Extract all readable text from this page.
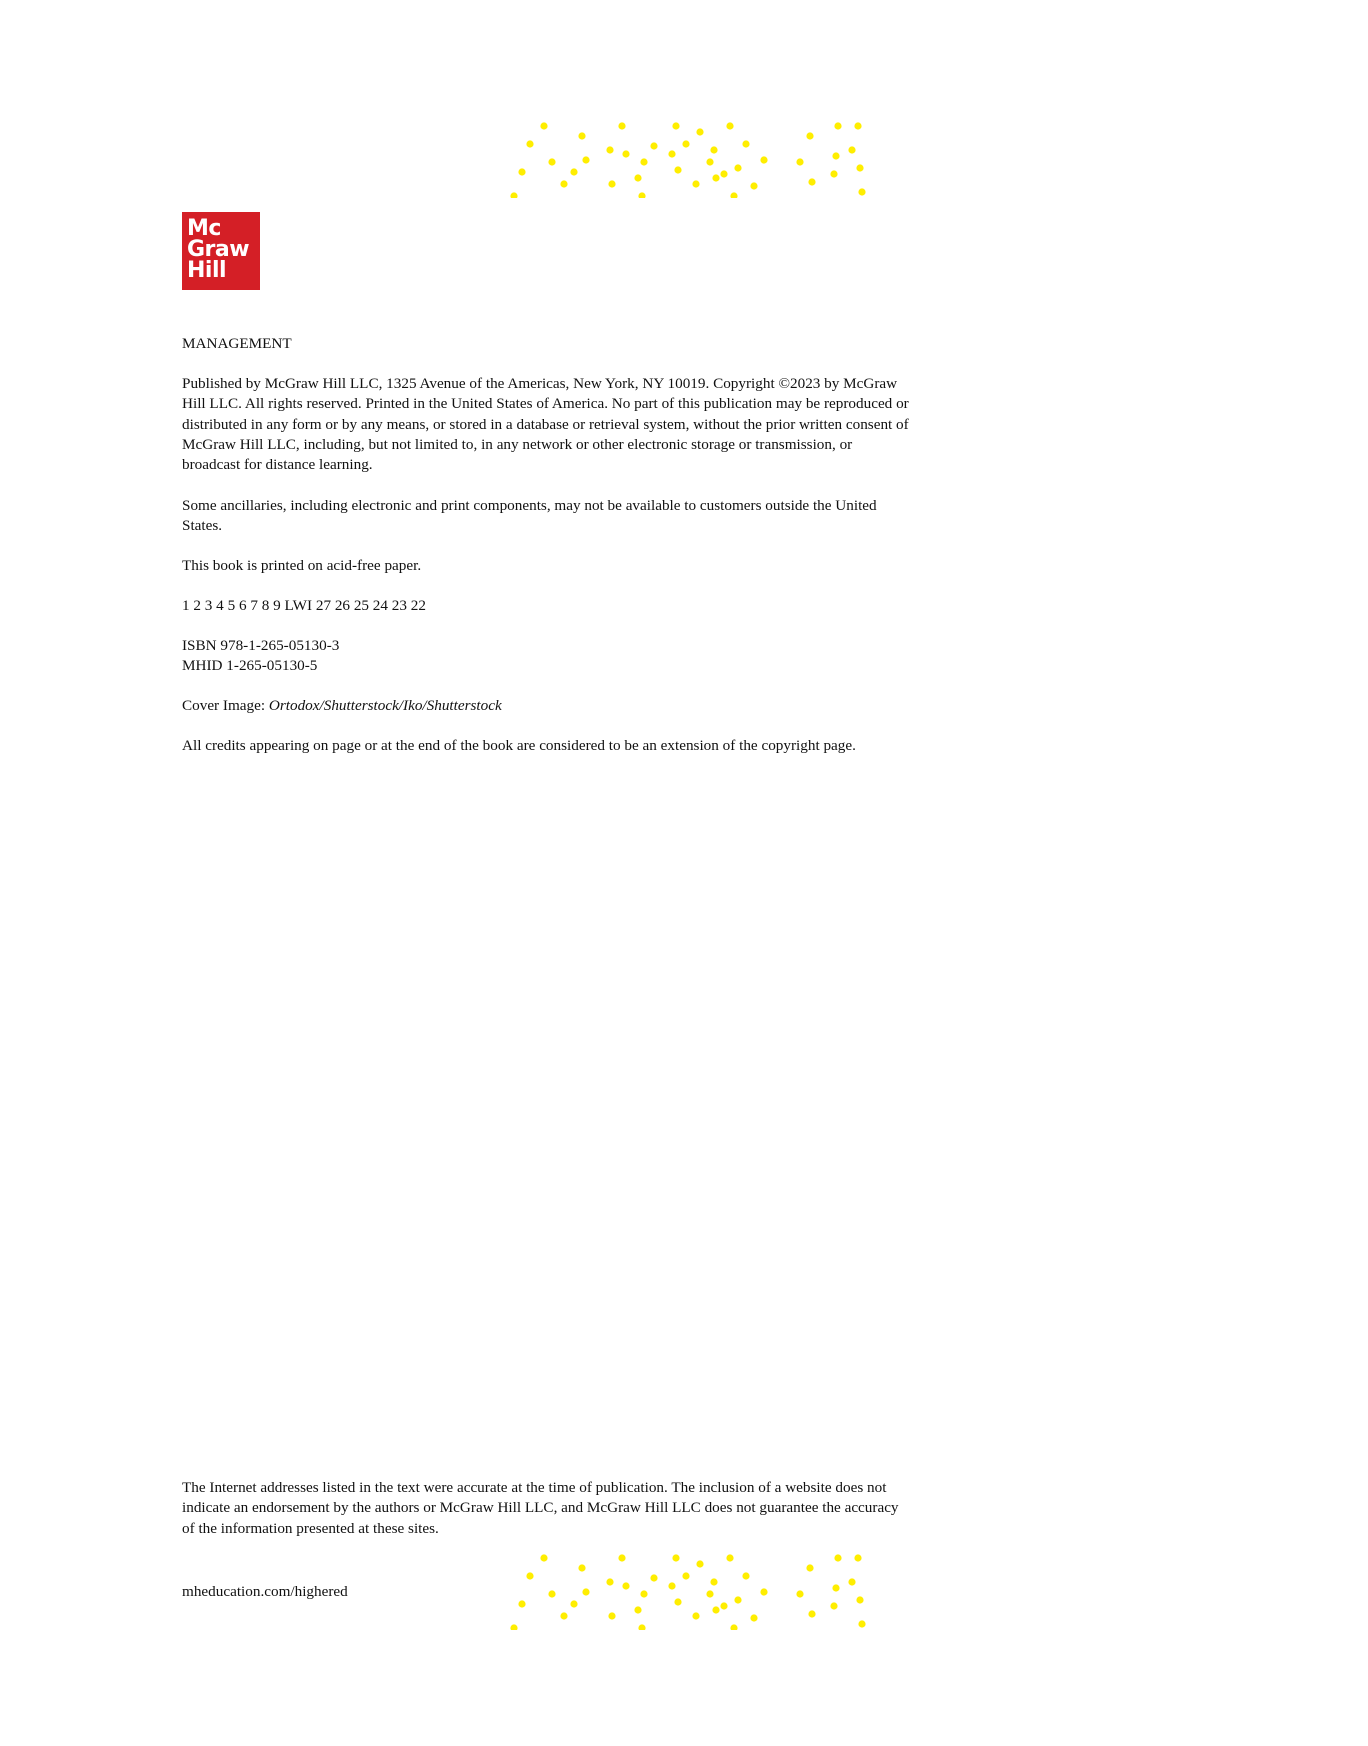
Mc
Graw
Hill

MANAGEMENT

Published by McGraw Hill LLC, 1325 Avenue of the Americas, New York, NY 10019. Copyright ©2023 by McGraw Hill LLC. All rights reserved. Printed in the United States of America. No part of this publication may be reproduced or distributed in any form or by any means, or stored in a database or retrieval system, without the prior written consent of McGraw Hill LLC, including, but not limited to, in any network or other electronic storage or transmission, or broadcast for distance learning.

Some ancillaries, including electronic and print components, may not be available to customers outside the United States.

This book is printed on acid-free paper.

1 2 3 4 5 6 7 8 9 LWI 27 26 25 24 23 22

ISBN 978-1-265-05130-3
MHID 1-265-05130-5

Cover Image: Ortodox/Shutterstock/Iko/Shutterstock

All credits appearing on page or at the end of the book are considered to be an extension of the copyright page.

The Internet addresses listed in the text were accurate at the time of publication. The inclusion of a website does not indicate an endorsement by the authors or McGraw Hill LLC, and McGraw Hill LLC does not guarantee the accuracy of the information presented at these sites.

mheducation.com/highered
